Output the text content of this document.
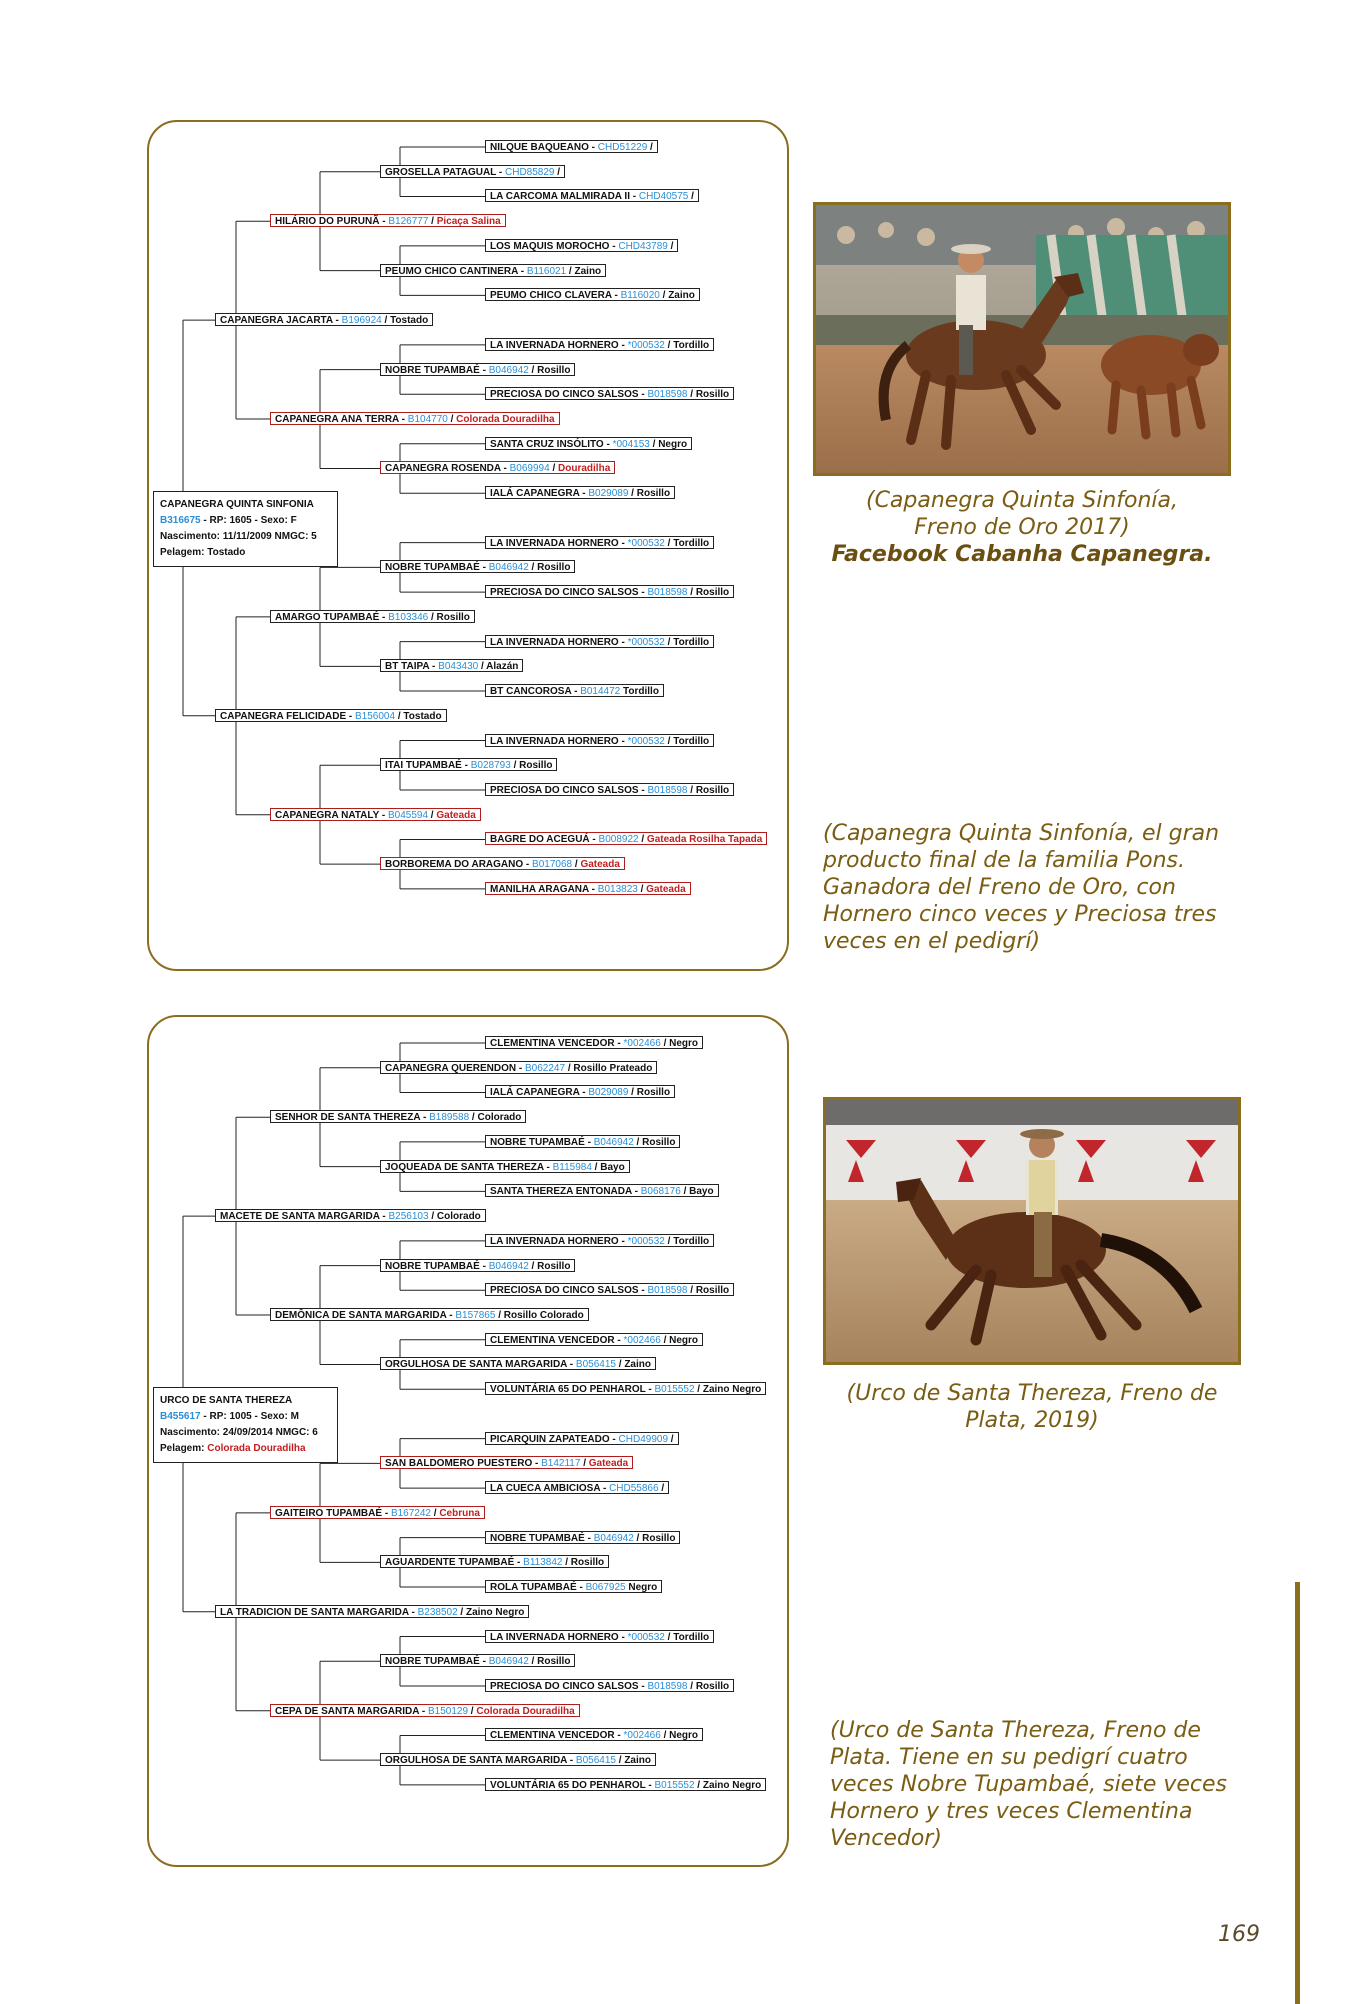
NILQUE BAQUEANO - CHD51229 /
GROSELLA PATAGUAL - CHD85829 /
LA CARCOMA MALMIRADA II - CHD40575 /
HILÁRIO DO PURUNÃ - B126777 / Picaça Salina
LOS MAQUIS MOROCHO - CHD43789 /
PEUMO CHICO CANTINERA - B116021 / Zaino
PEUMO CHICO CLAVERA - B116020 / Zaino
CAPANEGRA JACARTA - B196924 / Tostado
LA INVERNADA HORNERO - *000532 / Tordillo
NOBRE TUPAMBAÉ - B046942 / Rosillo
PRECIOSA DO CINCO SALSOS - B018598 / Rosillo
CAPANEGRA ANA TERRA - B104770 / Colorada Douradilha
SANTA CRUZ INSÓLITO - *004153 / Negro
CAPANEGRA ROSENDA - B069994 / Douradilha
IALÁ CAPANEGRA - B029089 / Rosillo
LA INVERNADA HORNERO - *000532 / Tordillo
NOBRE TUPAMBAÉ - B046942 / Rosillo
PRECIOSA DO CINCO SALSOS - B018598 / Rosillo
AMARGO TUPAMBAÉ - B103346 / Rosillo
LA INVERNADA HORNERO - *000532 / Tordillo
BT TAIPA - B043430 / Alazán
BT CANCOROSA - B014472 Tordillo
CAPANEGRA FELICIDADE - B156004 / Tostado
LA INVERNADA HORNERO - *000532 / Tordillo
ITAI TUPAMBAÉ - B028793 / Rosillo
PRECIOSA DO CINCO SALSOS - B018598 / Rosillo
CAPANEGRA NATALY - B045594 / Gateada
BAGRE DO ACEGUÁ - B008922 / Gateada Rosilha Tapada
BORBOREMA DO ARAGANO - B017068 / Gateada
MANILHA ARAGANA - B013823 / Gateada
CAPANEGRA QUINTA SINFONIA
B316675 - RP: 1605 - Sexo: F
Nascimento: 11/11/2009 NMGC: 5
Pelagem: Tostado
CLEMENTINA VENCEDOR - *002466 / Negro
CAPANEGRA QUERENDON - B062247 / Rosillo Prateado
IALÁ CAPANEGRA - B029089 / Rosillo
SENHOR DE SANTA THEREZA - B189588 / Colorado
NOBRE TUPAMBAÉ - B046942 / Rosillo
JOQUEADA DE SANTA THEREZA - B115984 / Bayo
SANTA THEREZA ENTONADA - B068176 / Bayo
MACETE DE SANTA MARGARIDA - B256103 / Colorado
LA INVERNADA HORNERO - *000532 / Tordillo
NOBRE TUPAMBAÉ - B046942 / Rosillo
PRECIOSA DO CINCO SALSOS - B018598 / Rosillo
DEMÔNICA DE SANTA MARGARIDA - B157865 / Rosillo Colorado
CLEMENTINA VENCEDOR - *002466 / Negro
ORGULHOSA DE SANTA MARGARIDA - B056415 / Zaino
VOLUNTÁRIA 65 DO PENHAROL - B015552 / Zaino Negro
PICARQUIN ZAPATEADO - CHD49909 /
SAN BALDOMERO PUESTERO - B142117 / Gateada
LA CUECA AMBICIOSA - CHD55866 /
GAITEIRO TUPAMBAÉ - B167242 / Cebruna
NOBRE TUPAMBAÉ - B046942 / Rosillo
AGUARDENTE TUPAMBAÉ - B113842 / Rosillo
ROLA TUPAMBAÉ - B067925 Negro
LA TRADICION DE SANTA MARGARIDA - B238502 / Zaino Negro
LA INVERNADA HORNERO - *000532 / Tordillo
NOBRE TUPAMBAÉ - B046942 / Rosillo
PRECIOSA DO CINCO SALSOS - B018598 / Rosillo
CEPA DE SANTA MARGARIDA - B150129 / Colorada Douradilha
CLEMENTINA VENCEDOR - *002466 / Negro
ORGULHOSA DE SANTA MARGARIDA - B056415 / Zaino
VOLUNTÁRIA 65 DO PENHAROL - B015552 / Zaino Negro
URCO DE SANTA THEREZA
B455617 - RP: 1005 - Sexo: M
Nascimento: 24/09/2014 NMGC: 6
Pelagem: Colorada Douradilha
(Capanegra Quinta Sinfonía,
Freno de Oro 2017)
Facebook Cabanha Capanegra.
(Capanegra Quinta Sinfonía, el gran
producto final de la familia Pons.
Ganadora del Freno de Oro, con
Hornero cinco veces y Preciosa tres
veces en el pedigrí)
(Urco de Santa Thereza, Freno de
Plata, 2019)
(Urco de Santa Thereza, Freno de
Plata. Tiene en su pedigrí cuatro
veces Nobre Tupambaé, siete veces
Hornero y tres veces Clementina
Vencedor)
169
